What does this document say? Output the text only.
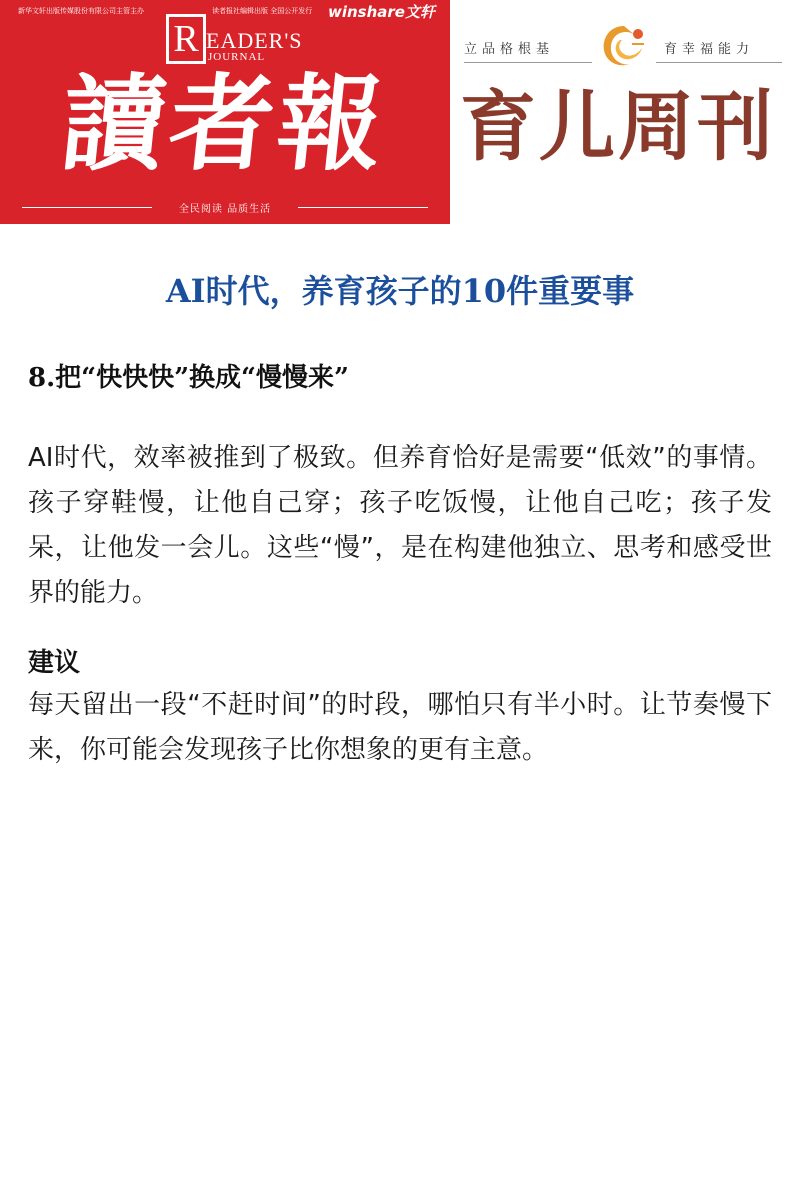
新华文轩出版传媒股份有限公司主管主办	读者报社编辑出版 全国公开发行 winshare文轩
R EADER'S
JOURNAL
讀者報
全民阅读 品质生活
立品格根基	育幸福能力
育儿周刊
AI时代，养育孩子的10件重要事
8.把“快快快”换成“慢慢来”

AI时代，效率被推到了极致。但养育恰好是需要“低效”的事情。 孩子穿鞋慢，让他自己穿；孩子吃饭慢，让他自己吃；孩子发呆，让他发一会儿。这些“慢”，是在构建他独立、思考和感受世界的能力。

建议

每天留出一段“不赶时间”的时段，哪怕只有半小时。让节奏慢下来，你可能会发现孩子比你想象的更有主意。
